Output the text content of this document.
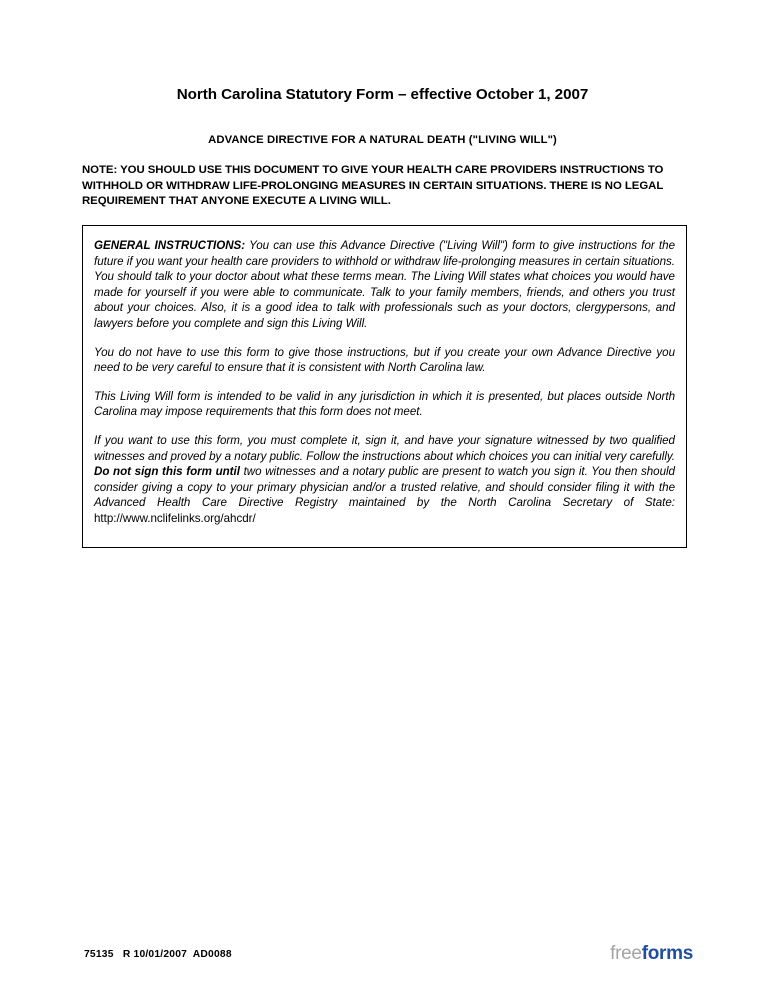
North Carolina Statutory Form – effective October 1, 2007
ADVANCE DIRECTIVE FOR A NATURAL DEATH ("LIVING WILL")
NOTE: YOU SHOULD USE THIS DOCUMENT TO GIVE YOUR HEALTH CARE PROVIDERS INSTRUCTIONS TO WITHHOLD OR WITHDRAW LIFE-PROLONGING MEASURES IN CERTAIN SITUATIONS. THERE IS NO LEGAL REQUIREMENT THAT ANYONE EXECUTE A LIVING WILL.

GENERAL INSTRUCTIONS: You can use this Advance Directive ("Living Will") form to give instructions for the future if you want your health care providers to withhold or withdraw life-prolonging measures in certain situations. You should talk to your doctor about what these terms mean. The Living Will states what choices you would have made for yourself if you were able to communicate. Talk to your family members, friends, and others you trust about your choices. Also, it is a good idea to talk with professionals such as your doctors, clergypersons, and lawyers before you complete and sign this Living Will.

You do not have to use this form to give those instructions, but if you create your own Advance Directive you need to be very careful to ensure that it is consistent with North Carolina law.

This Living Will form is intended to be valid in any jurisdiction in which it is presented, but places outside North Carolina may impose requirements that this form does not meet.

If you want to use this form, you must complete it, sign it, and have your signature witnessed by two qualified witnesses and proved by a notary public. Follow the instructions about which choices you can initial very carefully. Do not sign this form until two witnesses and a notary public are present to watch you sign it. You then should consider giving a copy to your primary physician and/or a trusted relative, and should consider filing it with the Advanced Health Care Directive Registry maintained by the North Carolina Secretary of State: http://www.nclifelinks.org/ahcdr/

75135   R 10/01/2007  AD0088	freeforms
